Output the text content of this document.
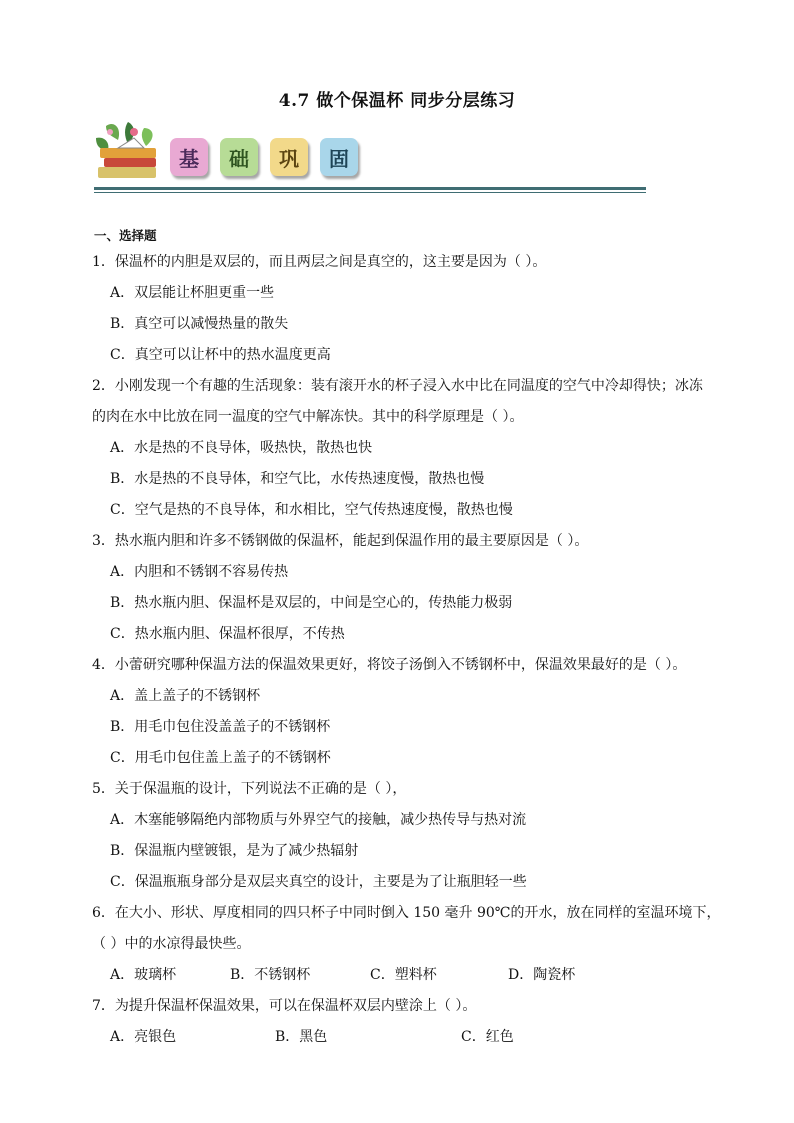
4.7 做个保温杯 同步分层练习
基	础	巩	固
一、选择题
1．保温杯的内胆是双层的，而且两层之间是真空的，这主要是因为（ ）。
A．双层能让杯胆更重一些
B．真空可以减慢热量的散失
C．真空可以让杯中的热水温度更高
2．小刚发现一个有趣的生活现象：装有滚开水的杯子浸入水中比在同温度的空气中冷却得快；冰冻
的肉在水中比放在同一温度的空气中解冻快。其中的科学原理是（ ）。
A．水是热的不良导体，吸热快，散热也快
B．水是热的不良导体，和空气比，水传热速度慢，散热也慢
C．空气是热的不良导体，和水相比，空气传热速度慢，散热也慢
3．热水瓶内胆和许多不锈钢做的保温杯，能起到保温作用的最主要原因是（ ）。
A．内胆和不锈钢不容易传热
B．热水瓶内胆、保温杯是双层的，中间是空心的，传热能力极弱
C．热水瓶内胆、保温杯很厚，不传热
4．小蕾研究哪种保温方法的保温效果更好，将饺子汤倒入不锈钢杯中，保温效果最好的是（ ）。
A．盖上盖子的不锈钢杯
B．用毛巾包住没盖盖子的不锈钢杯
C．用毛巾包住盖上盖子的不锈钢杯
5．关于保温瓶的设计，下列说法不正确的是（ ），
A．木塞能够隔绝内部物质与外界空气的接触，减少热传导与热对流
B．保温瓶内壁镀银，是为了减少热辐射
C．保温瓶瓶身部分是双层夹真空的设计，主要是为了让瓶胆轻一些
6．在大小、形状、厚度相同的四只杯子中同时倒入 150 毫升 90℃的开水，放在同样的室温环境下，
（ ）中的水凉得最快些。
A．玻璃杯	B．不锈钢杯	C．塑料杯	D．陶瓷杯
7．为提升保温杯保温效果，可以在保温杯双层内壁涂上（ ）。
A．亮银色	B．黑色	C．红色
